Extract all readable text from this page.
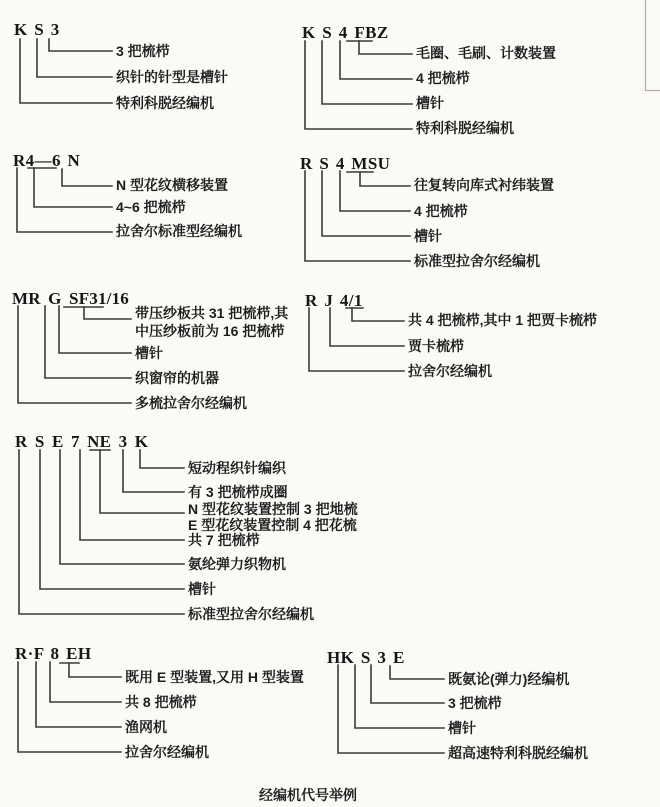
K S 3
3 把梳栉
织针的针型是槽针
特利科脱经编机
K S 4 FBZ
毛圈、毛刷、计数装置
4 把梳栉
槽针
特利科脱经编机
R4—6 N
N 型花纹横移装置
4~6 把梳栉
拉舍尔标准型经编机
R S 4 MSU
往复转向库式衬纬装置
4 把梳栉
槽针
标准型拉舍尔经编机
MR G SF31/16
带压纱板共 31 把梳栉,其
中压纱板前为 16 把梳栉
槽针
织窗帘的机器
多梳拉舍尔经编机
R J 4/1
共 4 把梳栉,其中 1 把贾卡梳栉
贾卡梳栉
拉舍尔经编机
R S E 7 NE 3 K
短动程织针编织
有 3 把梳栉成圈
N 型花纹装置控制 3 把地梳
E 型花纹装置控制 4 把花梳
共 7 把梳栉
氨纶弹力织物机
槽针
标准型拉舍尔经编机
R·F 8 EH
既用 E 型装置,又用 H 型装置
共 8 把梳栉
渔网机
拉舍尔经编机
HK S 3 E
既氨论(弹力)经编机
3 把梳栉
槽针
超高速特利科脱经编机
经编机代号举例
